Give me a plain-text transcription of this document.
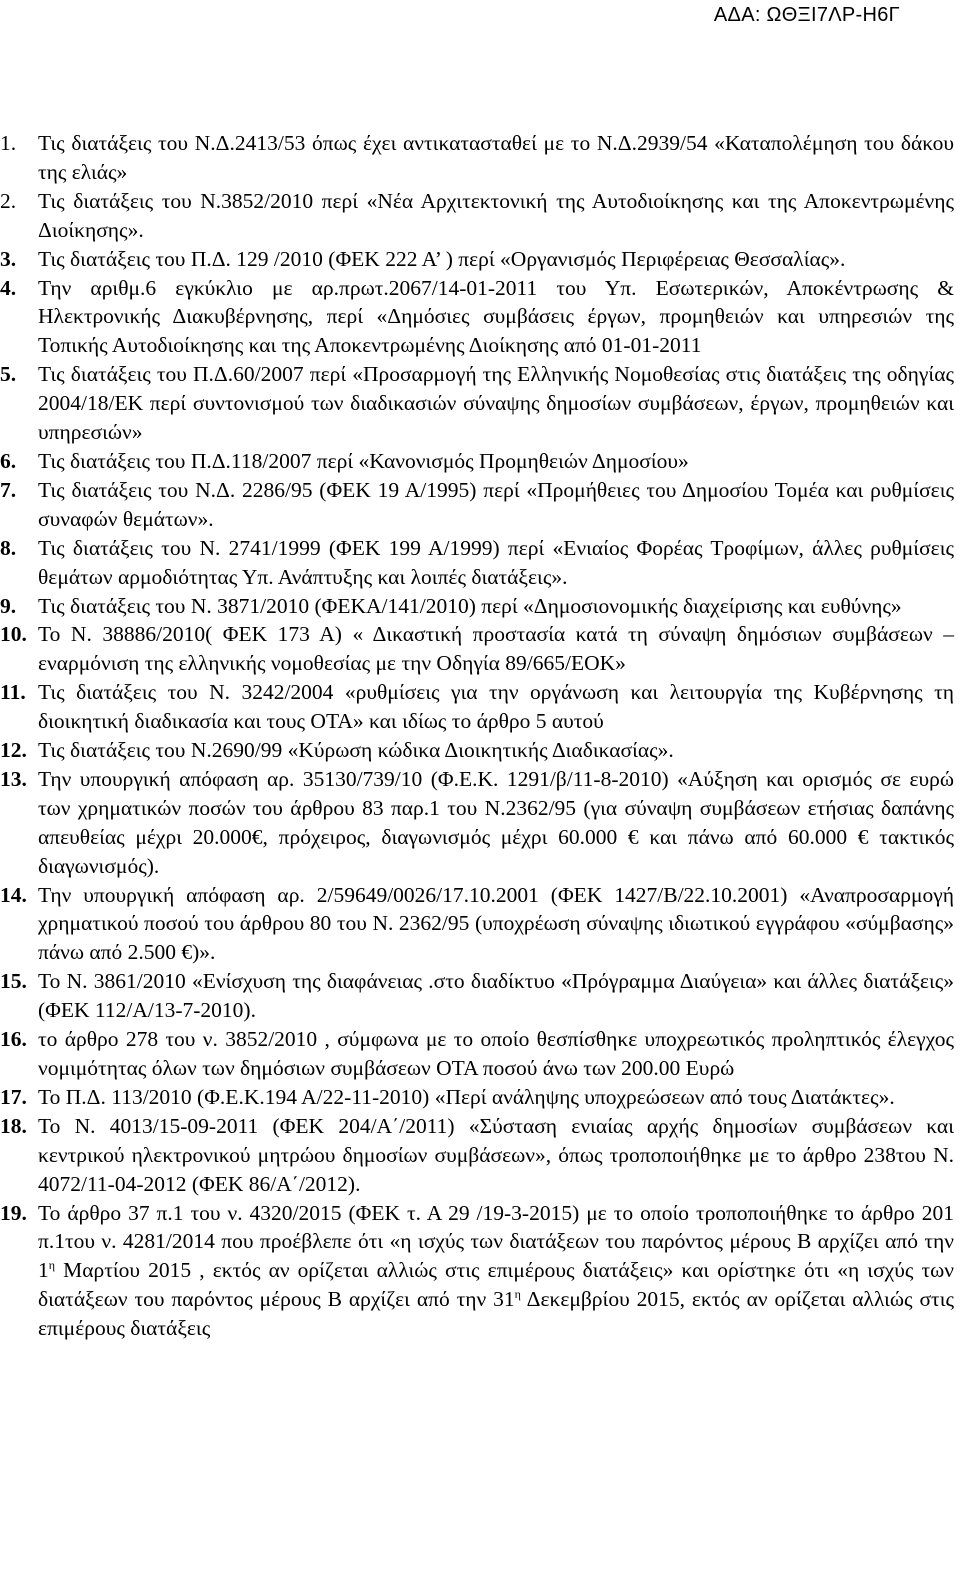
ΑΔΑ: ΩΘΞΙ7ΛΡ-Η6Γ
1. Τις διατάξεις του Ν.Δ.2413/53 όπως έχει αντικατασταθεί με το Ν.Δ.2939/54 «Καταπολέμηση του δάκου της ελιάς»
2. Τις διατάξεις του Ν.3852/2010 περί «Νέα Αρχιτεκτονική της Αυτοδιοίκησης και της Αποκεντρωμένης Διοίκησης».
3. Τις διατάξεις του Π.Δ. 129 /2010 (ΦΕΚ 222 Α’ ) περί «Οργανισμός Περιφέρειας Θεσσαλίας».
4. Την αριθμ.6 εγκύκλιο με αρ.πρωτ.2067/14-01-2011 του Υπ. Εσωτερικών, Αποκέντρωσης & Ηλεκτρονικής Διακυβέρνησης, περί «Δημόσιες συμβάσεις έργων, προμηθειών και υπηρεσιών της Τοπικής Αυτοδιοίκησης και της Αποκεντρωμένης Διοίκησης από 01-01-2011
5. Τις διατάξεις του Π.Δ.60/2007 περί «Προσαρμογή της Ελληνικής Νομοθεσίας στις διατάξεις της οδηγίας 2004/18/ΕΚ περί συντονισμού των διαδικασιών σύναψης δημοσίων συμβάσεων, έργων, προμηθειών και υπηρεσιών»
6. Τις διατάξεις του Π.Δ.118/2007 περί «Κανονισμός Προμηθειών Δημοσίου»
7. Τις διατάξεις του Ν.Δ. 2286/95 (ΦΕΚ 19 Α/1995) περί «Προμήθειες του Δημοσίου Τομέα και ρυθμίσεις συναφών θεμάτων».
8. Τις διατάξεις του Ν. 2741/1999 (ΦΕΚ 199 Α/1999) περί «Ενιαίος Φορέας Τροφίμων, άλλες ρυθμίσεις θεμάτων αρμοδιότητας Υπ. Ανάπτυξης και λοιπές διατάξεις».
9. Τις διατάξεις του Ν. 3871/2010 (ΦΕΚΑ/141/2010) περί «Δημοσιονομικής διαχείρισης και ευθύνης»
10. Το Ν. 38886/2010( ΦΕΚ 173 Α) « Δικαστική προστασία κατά τη σύναψη δημόσιων συμβάσεων – εναρμόνιση της ελληνικής νομοθεσίας με την Οδηγία 89/665/ΕΟΚ»
11. Τις διατάξεις του Ν. 3242/2004 «ρυθμίσεις για την οργάνωση και λειτουργία της Κυβέρνησης τη διοικητική διαδικασία και τους ΟΤΑ» και ιδίως το άρθρο 5 αυτού
12. Τις διατάξεις του Ν.2690/99 «Κύρωση κώδικα Διοικητικής Διαδικασίας».
13. Την υπουργική απόφαση αρ. 35130/739/10 (Φ.Ε.Κ. 1291/β/11-8-2010) «Αύξηση και ορισμός σε ευρώ των χρηματικών ποσών του άρθρου 83 παρ.1 του Ν.2362/95 (για σύναψη συμβάσεων ετήσιας δαπάνης απευθείας μέχρι 20.000€, πρόχειρος, διαγωνισμός μέχρι 60.000 € και πάνω από 60.000 € τακτικός διαγωνισμός).
14. Την υπουργική απόφαση αρ. 2/59649/0026/17.10.2001 (ΦΕΚ 1427/Β/22.10.2001) «Αναπροσαρμογή χρηματικού ποσού του άρθρου 80 του Ν. 2362/95 (υποχρέωση σύναψης ιδιωτικού εγγράφου «σύμβασης» πάνω από 2.500 €)».
15. Το Ν. 3861/2010 «Ενίσχυση της διαφάνειας .στο διαδίκτυο «Πρόγραμμα Διαύγεια» και άλλες διατάξεις» (ΦΕΚ 112/Α/13-7-2010).
16. το άρθρο 278 του ν. 3852/2010 , σύμφωνα με το οποίο θεσπίσθηκε υποχρεωτικός προληπτικός έλεγχος νομιμότητας όλων των δημόσιων συμβάσεων ΟΤΑ ποσού άνω των 200.00 Ευρώ
17. Το Π.Δ. 113/2010 (Φ.Ε.Κ.194 Α/22-11-2010) «Περί ανάληψης υποχρεώσεων από τους Διατάκτες».
18. Το Ν. 4013/15-09-2011 (ΦΕΚ 204/Α΄/2011) «Σύσταση ενιαίας αρχής δημοσίων συμβάσεων και κεντρικού ηλεκτρονικού μητρώου δημοσίων συμβάσεων», όπως τροποποιήθηκε με το άρθρο 238του Ν. 4072/11-04-2012 (ΦΕΚ 86/Α΄/2012).
19. Το άρθρο 37 π.1 του ν. 4320/2015 (ΦΕΚ τ. Α 29 /19-3-2015) με το οποίο τροποποιήθηκε το άρθρο 201 π.1του ν. 4281/2014 που προέβλεπε ότι «η ισχύς των διατάξεων του παρόντος μέρους Β αρχίζει από την $1^\eta$ Μαρτίου 2015 , εκτός αν ορίζεται αλλιώς στις επιμέρους διατάξεις» και ορίστηκε ότι «η ισχύς των διατάξεων του παρόντος μέρους Β αρχίζει από την $31^\eta$ Δεκεμβρίου 2015, εκτός αν ορίζεται αλλιώς στις επιμέρους διατάξεις
